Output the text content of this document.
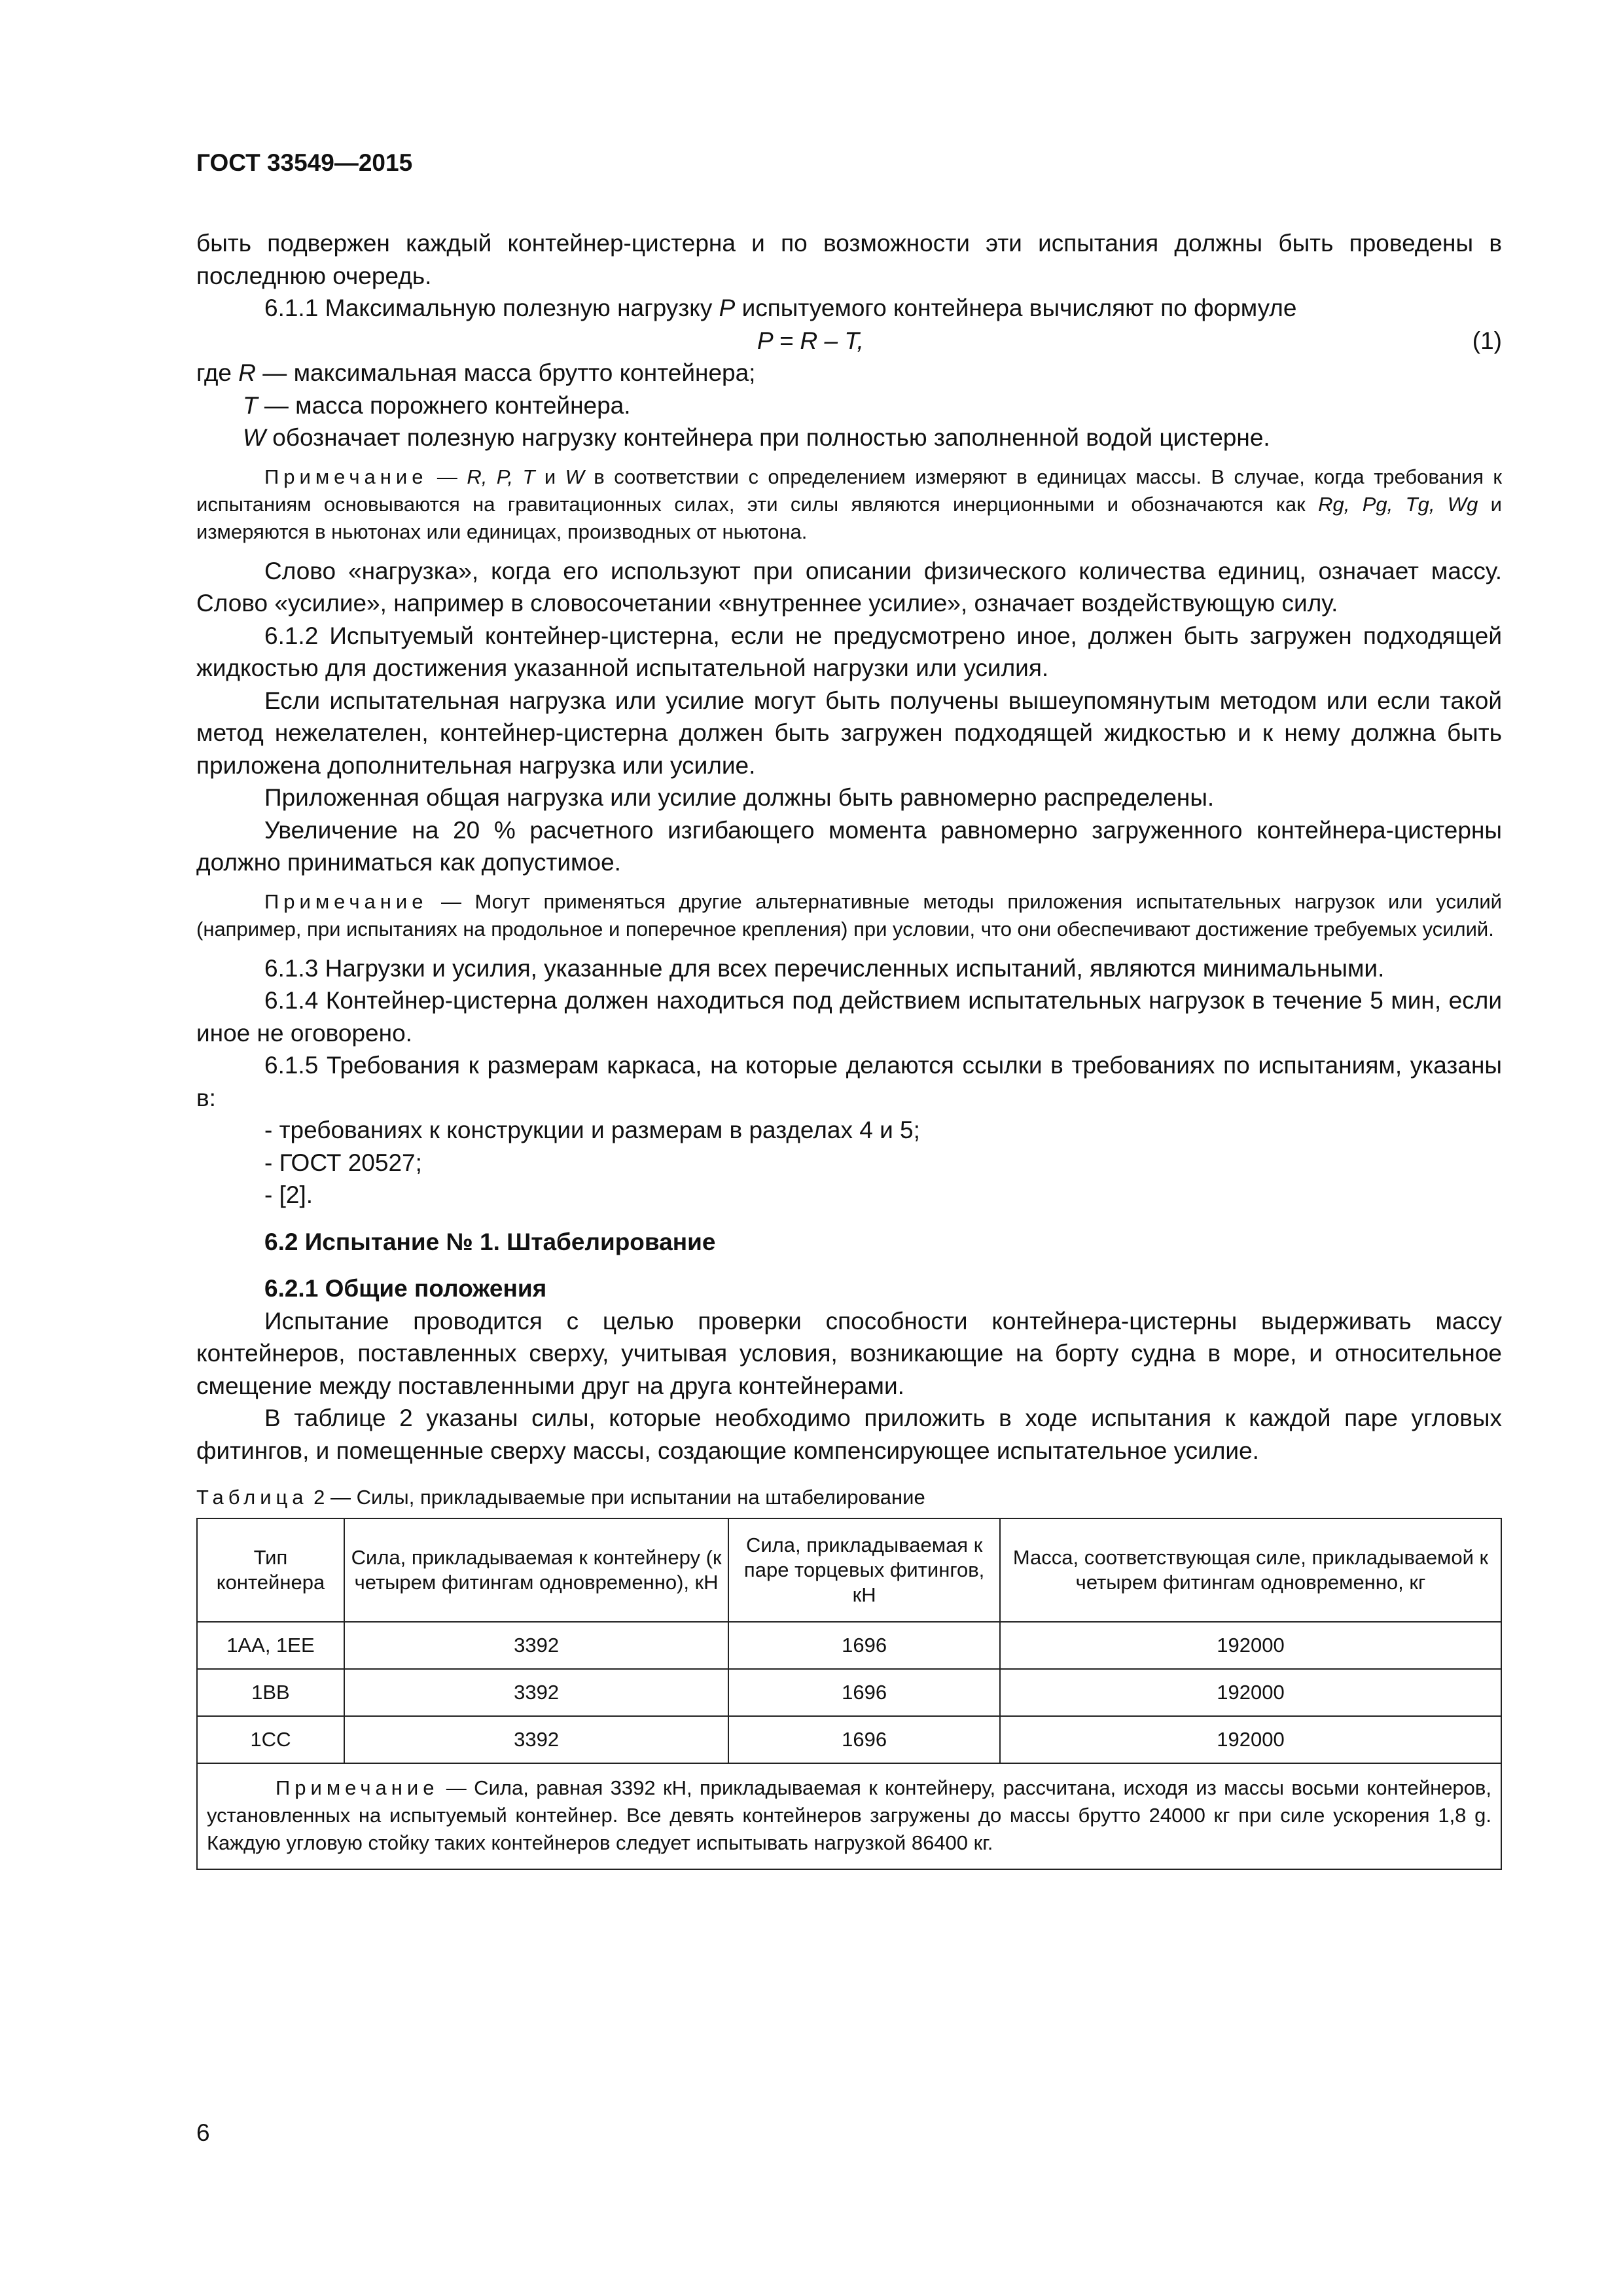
ГОСТ 33549—2015

быть подвержен каждый контейнер-цистерна и по возможности эти испытания должны быть проведены в последнюю очередь.

6.1.1 Максимальную полезную нагрузку Р испытуемого контейнера вычисляют по формуле

P = R – T,	(1)

где R — максимальная масса брутто контейнера;

T — масса порожнего контейнера.

W обозначает полезную нагрузку контейнера при полностью заполненной водой цистерне.

Примечание — R, P, T и W в соответствии с определением измеряют в единицах массы. В случае, когда требования к испытаниям основываются на гравитационных силах, эти силы являются инерционными и обозначаются как Rg, Pg, Tg, Wg и измеряются в ньютонах или единицах, производных от ньютона.

Слово «нагрузка», когда его используют при описании физического количества единиц, означает массу. Слово «усилие», например в словосочетании «внутреннее усилие», означает воздействующую силу.

6.1.2 Испытуемый контейнер-цистерна, если не предусмотрено иное, должен быть загружен подходящей жидкостью для достижения указанной испытательной нагрузки или усилия.

Если испытательная нагрузка или усилие могут быть получены вышеупомянутым методом или если такой метод нежелателен, контейнер-цистерна должен быть загружен подходящей жидкостью и к нему должна быть приложена дополнительная нагрузка или усилие.

Приложенная общая нагрузка или усилие должны быть равномерно распределены.

Увеличение на 20 % расчетного изгибающего момента равномерно загруженного контейнера-цистерны должно приниматься как допустимое.

Примечание — Могут применяться другие альтернативные методы приложения испытательных нагрузок или усилий (например, при испытаниях на продольное и поперечное крепления) при условии, что они обеспечивают достижение требуемых усилий.

6.1.3 Нагрузки и усилия, указанные для всех перечисленных испытаний, являются минимальными.

6.1.4 Контейнер-цистерна должен находиться под действием испытательных нагрузок в течение 5 мин, если иное не оговорено.

6.1.5 Требования к размерам каркаса, на которые делаются ссылки в требованиях по испытаниям, указаны в:

- требованиях к конструкции и размерам в разделах 4 и 5;

- ГОСТ 20527;

- [2].

6.2 Испытание № 1. Штабелирование

6.2.1 Общие положения

Испытание проводится с целью проверки способности контейнера-цистерны выдерживать массу контейнеров, поставленных сверху, учитывая условия, возникающие на борту судна в море, и относительное смещение между поставленными друг на друга контейнерами.

В таблице 2 указаны силы, которые необходимо приложить в ходе испытания к каждой паре угловых фитингов, и помещенные сверху массы, создающие компенсирующее испытательное усилие.

Таблица 2 — Силы, прикладываемые при испытании на штабелирование

Тип контейнера	Сила, прикладываемая к контейнеру (к четырем фитингам одновременно), кН	Сила, прикладываемая к паре торцевых фитингов, кН	Масса, соответствующая силе, прикладываемой к четырем фитингам одновременно, кг
1АА, 1ЕЕ	3392	1696	192000
1ВВ	3392	1696	192000
1СС	3392	1696	192000
Примечание — Сила, равная 3392 кН, прикладываемая к контейнеру, рассчитана, исходя из массы восьми контейнеров, установленных на испытуемый контейнер. Все девять контейнеров загружены до массы брутто 24000 кг при силе ускорения 1,8 g. Каждую угловую стойку таких контейнеров следует испытывать нагрузкой 86400 кг.			

6
